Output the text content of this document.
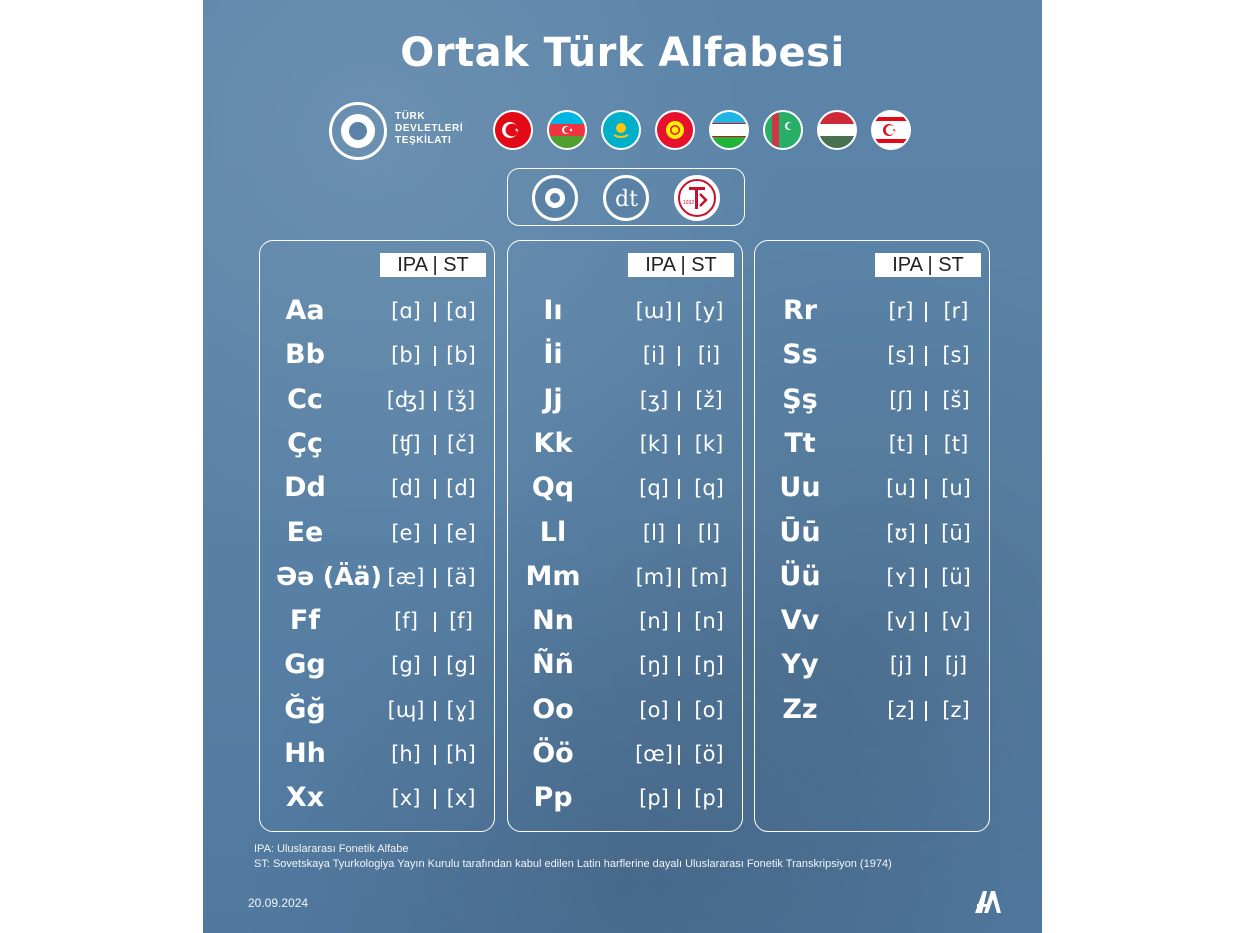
Ortak Türk Alfabesi
TÜRK
DEVLETLERİ
TEŞKİLATI
dt	1932
IPA | ST
Aa	[ɑ]	[ɑ]
Bb	[b]	[b]
Cc	[ʤ]	[ǯ]
Çç	[ʧ]	[č]
Dd	[d]	[d]
Ee	[e]	[e]
Əə (Ää) [æ]	[ä]
Ff	[f]	[f]
Gg	[g]	[g]
Ğğ	[ɰ]	[ɣ]
Hh	[h]	[h]
Xx	[x]	[x]
IPA | ST
Iı	[ɯ]	[y]
İi	[i]	[i]
Jj	[ʒ]	[ž]
Kk	[k]	[k]
Qq	[q]	[q]
Ll	[l]	[l]
Mm	[m] [m]
Nn	[n]	[n]
Ññ	[ŋ]	[ŋ]
Oo	[o]	[o]
Öö	[œ]	[ö]
Pp	[p]	[p]
IPA | ST
Rr	[r]	[r]
Ss	[s]	[s]
Şş	[ʃ]	[š]
Tt	[t]	[t]
Uu	[u]	[u]
Ūū	[ʊ]	[ū]
Üü	[ʏ]	[ü]
Vv	[v]	[v]
Yy	[j]	[j]
Zz	[z]	[z]
IPA: Uluslararası Fonetik Alfabe
ST: Sovetskaya Tyurkologiya Yayın Kurulu tarafından kabul edilen Latin harflerine dayalı Uluslararası Fonetik Transkripsiyon (1974)
20.09.2024
